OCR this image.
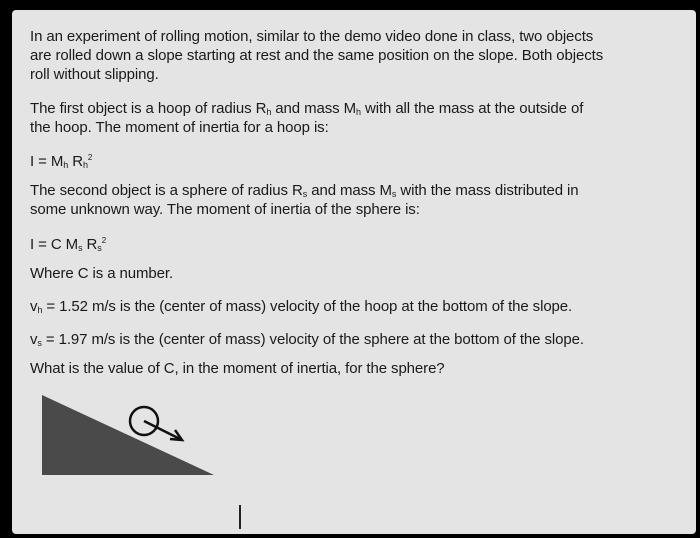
In an experiment of rolling motion, similar to the demo video done in class, two objects
are rolled down a slope starting at rest and the same position on the slope. Both objects
roll without slipping.
The first object is a hoop of radius $R_h$ and mass $M_h$ with all the mass at the outside of
the hoop. The moment of inertia for a hoop is:
$I = M_h$ $R_h^2$
The second object is a sphere of radius $R_s$ and mass $M_s$ with the mass distributed in
some unknown way. The moment of inertia of the sphere is:
I = C $M_s$ $R_s^2$
Where C is a number.
$v_h = 1.52$ m/s is the (center of mass) velocity of the hoop at the bottom of the slope.
$v_s = 1.97$ m/s is the (center of mass) velocity of the sphere at the bottom of the slope.
What is the value of C, in the moment of inertia, for the sphere?
